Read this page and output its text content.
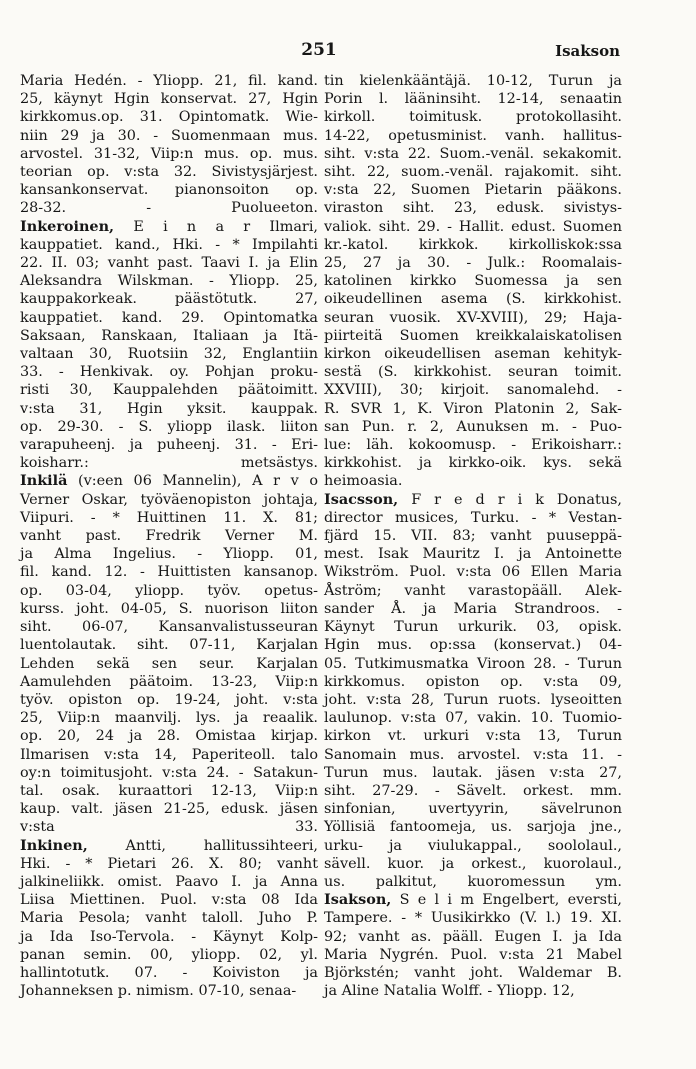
251	Isakson

Maria Hedén. - Yliopp. 21, fil. kand.

25, käynyt Hgin konservat. 27, Hgin

kirkkomus.op. 31. Opintomatk. Wie-

niin 29 ja 30. - Suomenmaan mus.

arvostel. 31-32, Viip:n mus. op. mus.

teorian op. v:sta 32. Sivistysjärjest.

kansankonservat. pianonsoiton op.

28-32. - Puolueeton.

Inkeroinen, E i n a r Ilmari,

kauppatiet. kand., Hki. - * Impilahti

22. II. 03; vanht past. Taavi I. ja Elin

Aleksandra Wilskman. - Yliopp. 25,

kauppakorkeak. päästötutk. 27,

kauppatiet. kand. 29. Opintomatka

Saksaan, Ranskaan, Italiaan ja Itä-

valtaan 30, Ruotsiin 32, Englantiin

33. - Henkivak. oy. Pohjan proku-

risti 30, Kauppalehden päätoimitt.

v:sta 31, Hgin yksit. kauppak.

op. 29-30. - S. yliopp ilask. liiton

varapuheenj. ja puheenj. 31. - Eri-

koisharr.: metsästys.

Inkilä (v:een 06 Mannelin), A r v o

Verner Oskar, työväenopiston johtaja,

Viipuri. - * Huittinen 11. X. 81;

vanht past. Fredrik Verner M.

ja Alma Ingelius. - Yliopp. 01,

fil. kand. 12. - Huittisten kansanop.

op. 03-04, yliopp. työv. opetus-

kurss. joht. 04-05, S. nuorison liiton

siht. 06-07, Kansanvalistusseuran

luentolautak. siht. 07-11, Karjalan

Lehden sekä sen seur. Karjalan

Aamulehden päätoim. 13-23, Viip:n

työv. opiston op. 19-24, joht. v:sta

25, Viip:n maanvilj. lys. ja reaalik.

op. 20, 24 ja 28. Omistaa kirjap.

Ilmarisen v:sta 14, Paperiteoll. talo

oy:n toimitusjoht. v:sta 24. - Satakun-

tal. osak. kuraattori 12-13, Viip:n

kaup. valt. jäsen 21-25, edusk. jäsen

v:sta 33.

Inkinen, Antti, hallitussihteeri,

Hki. - * Pietari 26. X. 80; vanht

jalkineliikk. omist. Paavo I. ja Anna

Liisa Miettinen. Puol. v:sta 08 Ida

Maria Pesola; vanht taloll. Juho P.

ja Ida Iso-Tervola. - Käynyt Kolp-

panan semin. 00, yliopp. 02, yl.

hallintotutk. 07. - Koiviston ja

Johanneksen p. nimism. 07-10, senaa-

tin kielenkääntäjä. 10-12, Turun ja

Porin l. lääninsiht. 12-14, senaatin

kirkoll. toimitusk. protokollasiht.

14-22, opetusminist. vanh. hallitus-

siht. v:sta 22. Suom.-venäl. sekakomit.

siht. 22, suom.-venäl. rajakomit. siht.

v:sta 22, Suomen Pietarin pääkons.

viraston siht. 23, edusk. sivistys-

valiok. siht. 29. - Hallit. edust. Suomen

kr.-katol. kirkkok. kirkolliskok:ssa

25, 27 ja 30. - Julk.: Roomalais-

katolinen kirkko Suomessa ja sen

oikeudellinen asema (S. kirkkohist.

seuran vuosik. XV-XVIII), 29; Haja-

piirteitä Suomen kreikkalaiskatolisen

kirkon oikeudellisen aseman kehityk-

sestä (S. kirkkohist. seuran toimit.

XXVIII), 30; kirjoit. sanomalehd. -

R. SVR 1, K. Viron Platonin 2, Sak-

san Pun. r. 2, Aunuksen m. - Puo-

lue: läh. kokoomusp. - Erikoisharr.:

kirkkohist. ja kirkko-oik. kys. sekä

heimoasia.

Isacsson, F r e d r i k Donatus,

director musices, Turku. - * Vestan-

fjärd 15. VII. 83; vanht puuseppä-

mest. Isak Mauritz I. ja Antoinette

Wikström. Puol. v:sta 06 Ellen Maria

Åström; vanht varastopääll. Alek-

sander Å. ja Maria Strandroos. -

Käynyt Turun urkurik. 03, opisk.

Hgin mus. op:ssa (konservat.) 04-

05. Tutkimusmatka Viroon 28. - Turun

kirkkomus. opiston op. v:sta 09,

joht. v:sta 28, Turun ruots. lyseoitten

laulunop. v:sta 07, vakin. 10. Tuomio-

kirkon vt. urkuri v:sta 13, Turun

Sanomain mus. arvostel. v:sta 11. -

Turun mus. lautak. jäsen v:sta 27,

siht. 27-29. - Sävelt. orkest. mm.

sinfonian, uvertyyrin, sävelrunon

Yöllisiä fantoomeja, us. sarjoja jne.,

urku- ja viulukappal., soololaul.,

sävell. kuor. ja orkest., kuorolaul.,

us. palkitut, kuoromessun ym.

Isakson, S e l i m Engelbert, eversti,

Tampere. - * Uusikirkko (V. l.) 19. XI.

92; vanht as. pääll. Eugen I. ja Ida

Maria Nygrén. Puol. v:sta 21 Mabel

Björkstén; vanht joht. Waldemar B.

ja Aline Natalia Wolff. - Yliopp. 12,
